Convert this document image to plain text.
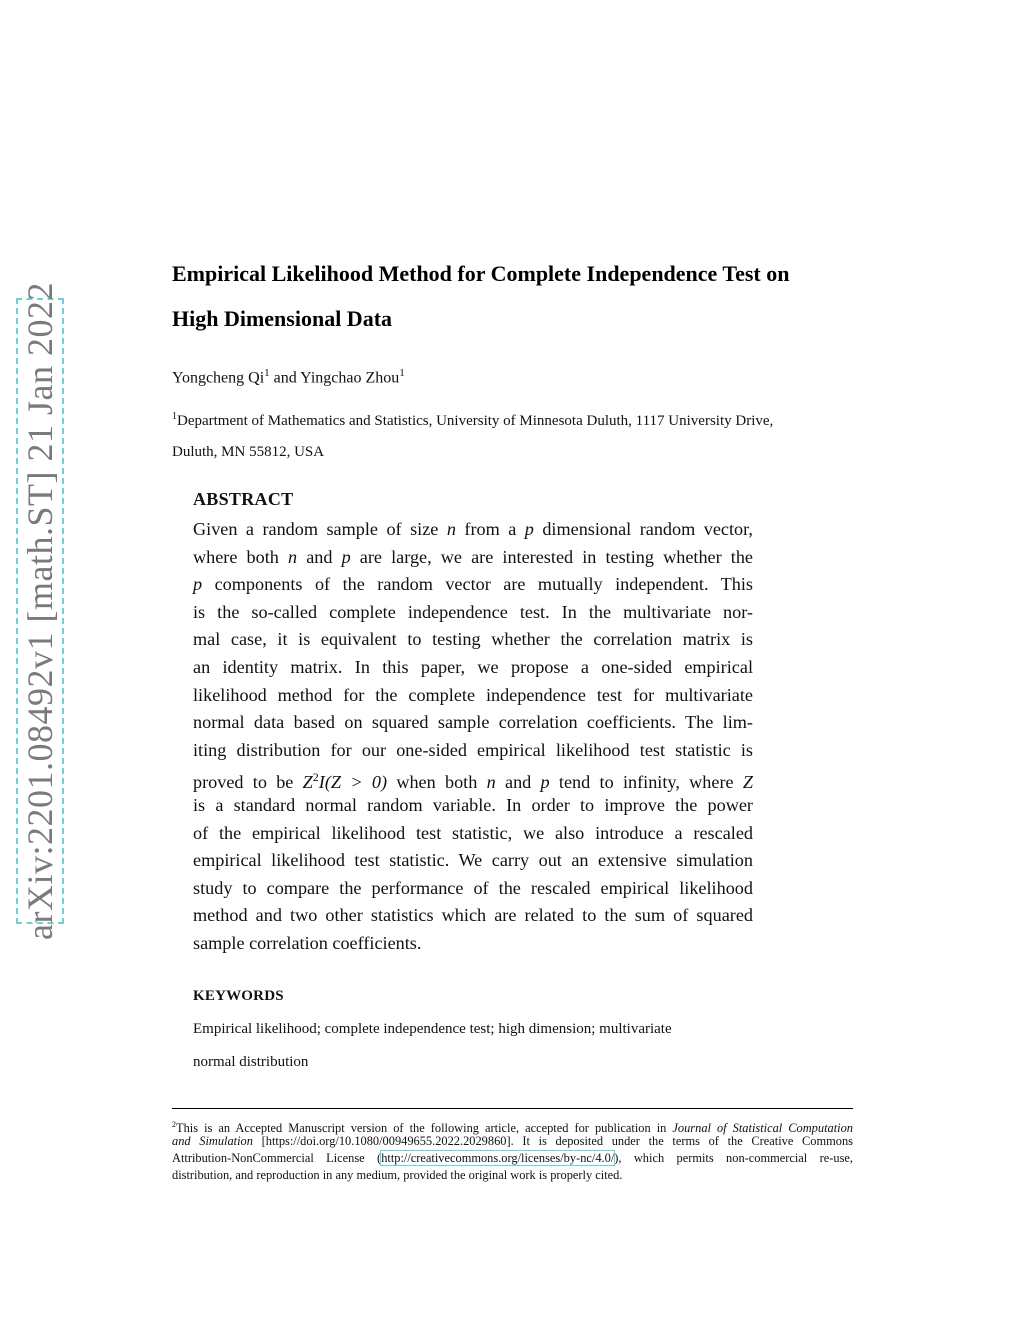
arXiv:2201.08492v1 [math.ST] 21 Jan 2022
Empirical Likelihood Method for Complete Independence Test on
High Dimensional Data
Yongcheng Qi$^1$ and Yingchao Zhou$^1$
$^1$Department of Mathematics and Statistics, University of Minnesota Duluth, 1117 University Drive,
Duluth, MN 55812, USA
ABSTRACT
Given a random sample of size n from a p dimensional random vector,
where both n and p are large, we are interested in testing whether the
p components of the random vector are mutually independent. This
is the so-called complete independence test. In the multivariate nor-
mal case, it is equivalent to testing whether the correlation matrix is
an identity matrix. In this paper, we propose a one-sided empirical
likelihood method for the complete independence test for multivariate
normal data based on squared sample correlation coefficients. The lim-
iting distribution for our one-sided empirical likelihood test statistic is
proved to be $Z^2I(Z > 0)$ when both n and p tend to infinity, where Z
is a standard normal random variable. In order to improve the power
of the empirical likelihood test statistic, we also introduce a rescaled
empirical likelihood test statistic. We carry out an extensive simulation
study to compare the performance of the rescaled empirical likelihood
method and two other statistics which are related to the sum of squared
sample correlation coefficients.
KEYWORDS
Empirical likelihood; complete independence test; high dimension; multivariate
normal distribution
$^2$This is an Accepted Manuscript version of the following article, accepted for publication in Journal of Statistical Computation
and Simulation [https://doi.org/10.1080/00949655.2022.2029860]. It is deposited under the terms of the Creative Commons
Attribution-NonCommercial License (http://creativecommons.org/licenses/by-nc/4.0/), which permits non-commercial re-use,
distribution, and reproduction in any medium, provided the original work is properly cited.
